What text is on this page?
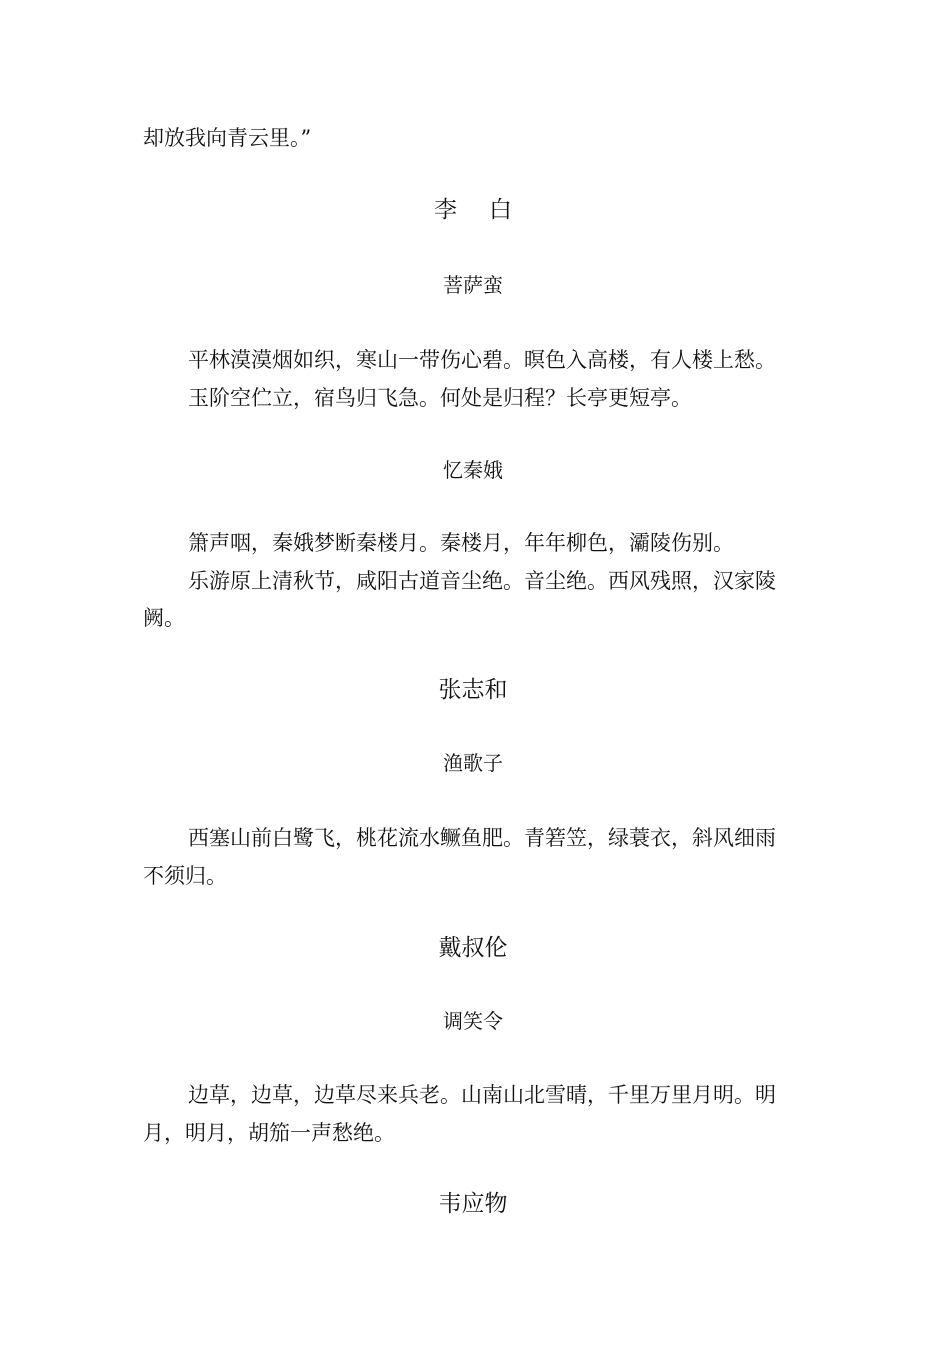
却放我向青云里。”
李 白
菩萨蛮
平林漠漠烟如织，寒山一带伤心碧。暝色入高楼，有人楼上愁。
玉阶空伫立，宿鸟归飞急。何处是归程？长亭更短亭。
忆秦娥
箫声咽，秦娥梦断秦楼月。秦楼月，年年柳色，灞陵伤别。
乐游原上清秋节，咸阳古道音尘绝。音尘绝。西风残照，汉家陵
阙。
张志和
渔歌子
西塞山前白鹭飞，桃花流水鳜鱼肥。青箬笠，绿蓑衣，斜风细雨
不须归。
戴叔伦
调笑令
边草，边草，边草尽来兵老。山南山北雪晴，千里万里月明。明
月，明月，胡笳一声愁绝。
韦应物
